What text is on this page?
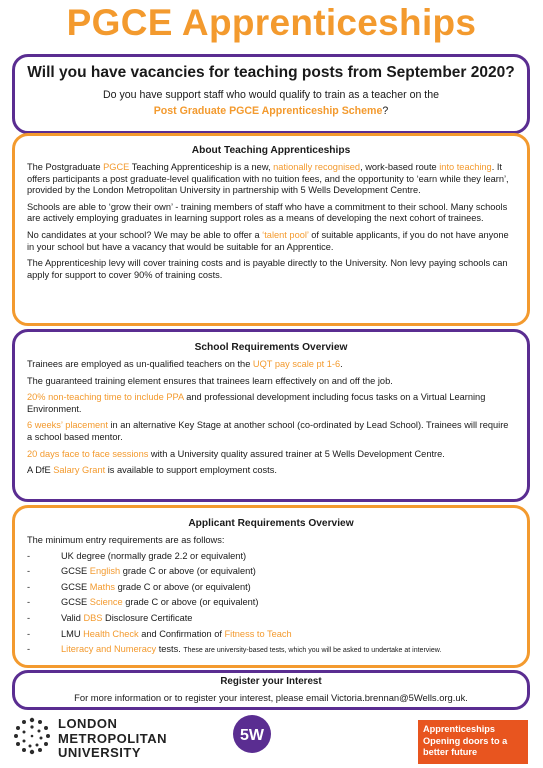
PGCE Apprenticeships
Will you have vacancies for teaching posts from September 2020?
Do you have support staff who would qualify to train as a teacher on the
Post Graduate PGCE Apprenticeship Scheme?
About Teaching Apprenticeships

The Postgraduate PGCE Teaching Apprenticeship is a new, nationally recognised, work-based route into teaching. It offers participants a post graduate-level qualification with no tuition fees, and the opportunity to ‘earn while they learn’, provided by the London Metropolitan University in partnership with 5 Wells Development Centre.

Schools are able to ‘grow their own’ - training members of staff who have a commitment to their school. Many schools are actively employing graduates in learning support roles as a means of developing the next cohort of trainees.

No candidates at your school? We may be able to offer a ‘talent pool’ of suitable applicants, if you do not have anyone in your school but have a vacancy that would be suitable for an Apprentice.

The Apprenticeship levy will cover training costs and is payable directly to the University. Non levy paying schools can apply for support to cover 90% of training costs.

School Requirements Overview

Trainees are employed as un-qualified teachers on the UQT pay scale pt 1-6.

The guaranteed training element ensures that trainees learn effectively on and off the job.

20% non-teaching time to include PPA and professional development including focus tasks on a Virtual Learning Environment.

6 weeks’ placement in an alternative Key Stage at another school (co-ordinated by Lead School). Trainees will require a school based mentor.

20 days face to face sessions with a University quality assured trainer at 5 Wells Development Centre.

A DfE Salary Grant is available to support employment costs.

Applicant Requirements Overview

The minimum entry requirements are as follows:

-	UK degree (normally grade 2.2 or equivalent)
-	GCSE English grade C or above (or equivalent)
-	GCSE Maths grade C or above (or equivalent)
-	GCSE Science grade C or above (or equivalent)
-	Valid DBS Disclosure Certificate
-	LMU Health Check and Confirmation of Fitness to Teach
-	Literacy and Numeracy tests. These are university-based tests, which you will be asked to undertake at interview.
Register your Interest
For more information or to register your interest, please email Victoria.brennan@5Wells.org.uk.
LONDON
METROPOLITAN
UNIVERSITY
5W	Apprenticeships
Opening doors to a
better future
